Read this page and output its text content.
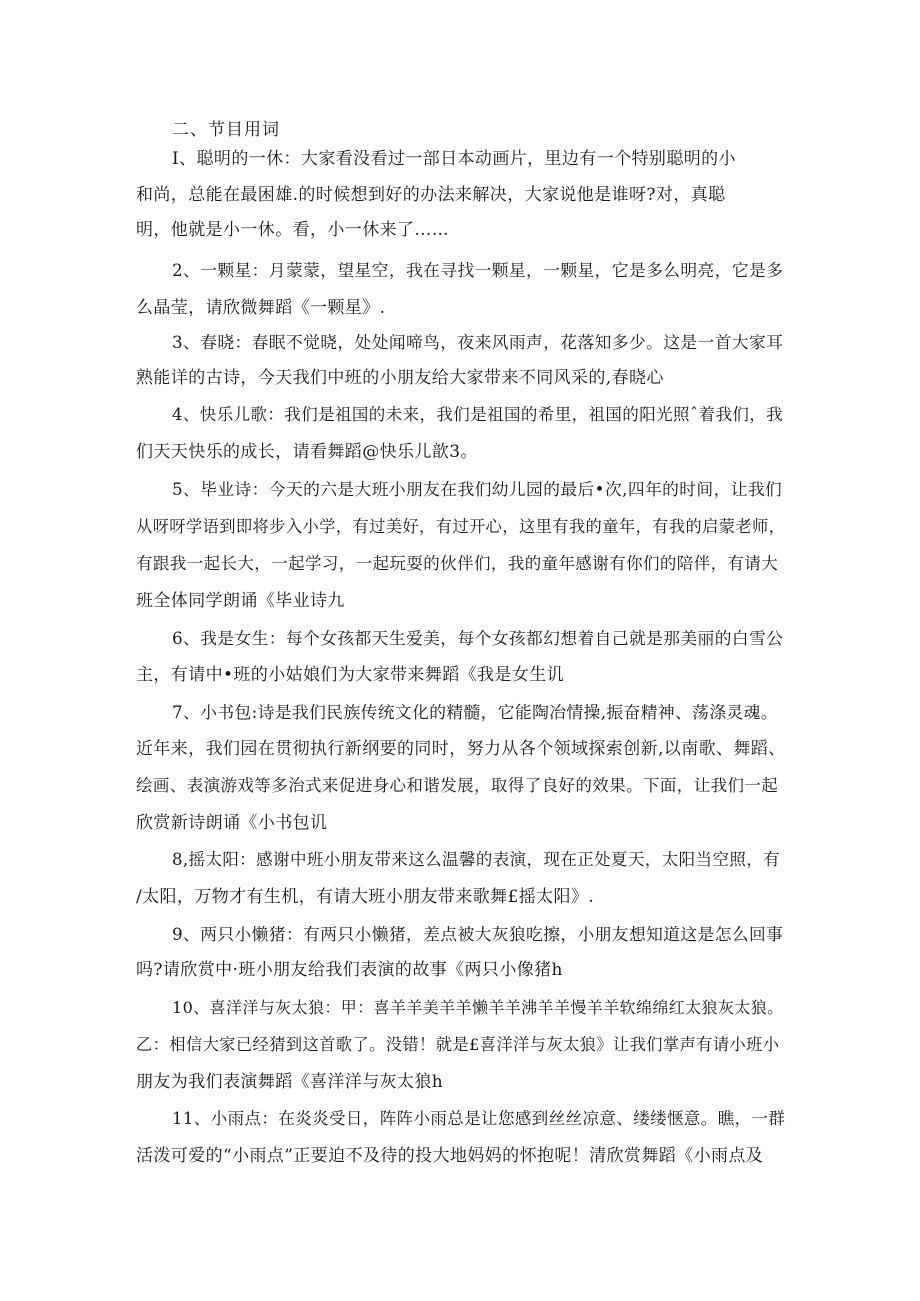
二、节目用词
I、聪明的一休：大家看没看过一部日本动画片，里边有一个特别聪明的小
和尚，总能在最困雄.的时候想到好的办法来解决，大家说他是谁呀?对，真聪
明，他就是小一休。看，小一休来了……
2、一颗星：月蒙蒙，望星空，我在寻找一颗星，一颗星，它是多么明亮，它是多
么晶莹，请欣微舞蹈《一颗星》.
3、春晓：春眠不觉晓，处处闻啼鸟，夜来风雨声，花落知多少。这是一首大家耳
熟能详的古诗，今天我们中班的小朋友给大家带来不同风采的,春晓心
4、快乐儿歌：我们是祖国的未来，我们是祖国的希里，祖国的阳光照ˆ着我们，我
们天天快乐的成长，请看舞蹈@快乐儿歆3。
5、毕业诗：今天的六是大班小朋友在我们幼儿园的最后•次,四年的时间，让我们
从呀呀学语到即将步入小学，有过美好，有过开心，这里有我的童年，有我的启蒙老师，
有跟我一起长大，一起学习，一起玩耍的伙伴们，我的童年感谢有你们的陪伴，有请大
班全体同学朗诵《毕业诗九
6、我是女生：每个女孩都天生爱美，每个女孩都幻想着自己就是那美丽的白雪公
主，有请中•班的小姑娘们为大家带来舞蹈《我是女生讥
7、小书包:诗是我们民族传统文化的精髓，它能陶冶情操,振奋精神、荡涤灵魂。
近年来，我们园在贯彻执行新纲要的同时，努力从各个领域探索创新,以南歌、舞蹈、
绘画、表演游戏等多治式来促进身心和谐发展，取得了良好的效果。下面，让我们一起
欣赏新诗朗诵《小书包讥
8,摇太阳：感谢中班小朋友带来这么温馨的表演，现在正处夏天，太阳当空照，有
/太阳，万物才有生机，有请大班小朋友带来歌舞£摇太阳》.
9、两只小懒猪：有两只小懒猪，差点被大灰狼吃擦，小朋友想知道这是怎么回事
吗?请欣赏中·班小朋友给我们表演的故事《两只小像猪h
10、喜洋洋与灰太狼：甲：喜羊羊美羊羊懒羊羊沸羊羊慢羊羊软绵绵红太狼灰太狼。
乙：相信大家已经猜到这首歌了。没错！就是£喜洋洋与灰太狼》让我们掌声有请小班小
朋友为我们表演舞蹈《喜洋洋与灰太狼h
11、小雨点：在炎炎受日，阵阵小雨总是让您感到丝丝凉意、缕缕惬意。瞧，一群
活泼可爱的“小雨点”正要迫不及待的投大地妈妈的怀抱呢！清欣赏舞蹈《小雨点及
